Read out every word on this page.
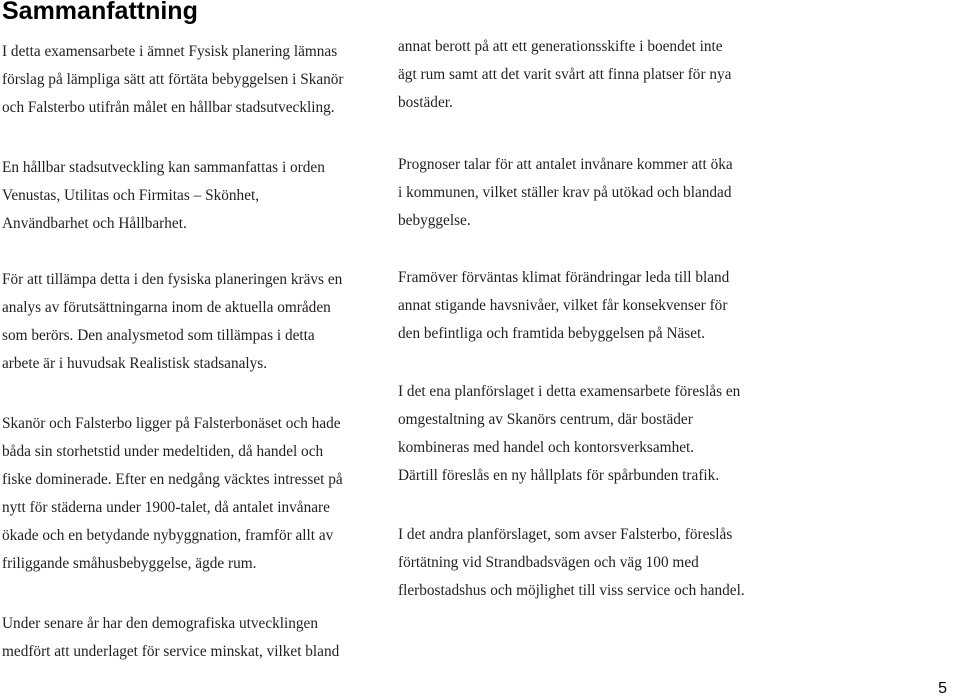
Sammanfattning

I detta examensarbete i ämnet Fysisk planering lämnas
förslag på lämpliga sätt att förtäta bebyggelsen i Skanör
och Falsterbo utifrån målet en hållbar stadsutveckling.

En hållbar stadsutveckling kan sammanfattas i orden
Venustas, Utilitas och Firmitas – Skönhet,
Användbarhet och Hållbarhet.

För att tillämpa detta i den fysiska planeringen krävs en
analys av förutsättningarna inom de aktuella områden
som berörs. Den analysmetod som tillämpas i detta
arbete är i huvudsak Realistisk stadsanalys.

Skanör och Falsterbo ligger på Falsterbonäset och hade
båda sin storhetstid under medeltiden, då handel och
fiske dominerade. Efter en nedgång väcktes intresset på
nytt för städerna under 1900-talet, då antalet invånare
ökade och en betydande nybyggnation, framför allt av
friliggande småhusbebyggelse, ägde rum.

Under senare år har den demografiska utvecklingen
medfört att underlaget för service minskat, vilket bland

annat berott på att ett generationsskifte i boendet inte
ägt rum samt att det varit svårt att finna platser för nya
bostäder.

Prognoser talar för att antalet invånare kommer att öka
i kommunen, vilket ställer krav på utökad och blandad
bebyggelse.

Framöver förväntas klimat förändringar leda till bland
annat stigande havsnivåer, vilket får konsekvenser för
den befintliga och framtida bebyggelsen på Näset.

I det ena planförslaget i detta examensarbete föreslås en
omgestaltning av Skanörs centrum, där bostäder
kombineras med handel och kontorsverksamhet.
Därtill föreslås en ny hållplats för spårbunden trafik.

I det andra planförslaget, som avser Falsterbo, föreslås
förtätning vid Strandbadsvägen och väg 100 med
flerbostadshus och möjlighet till viss service och handel.

5
